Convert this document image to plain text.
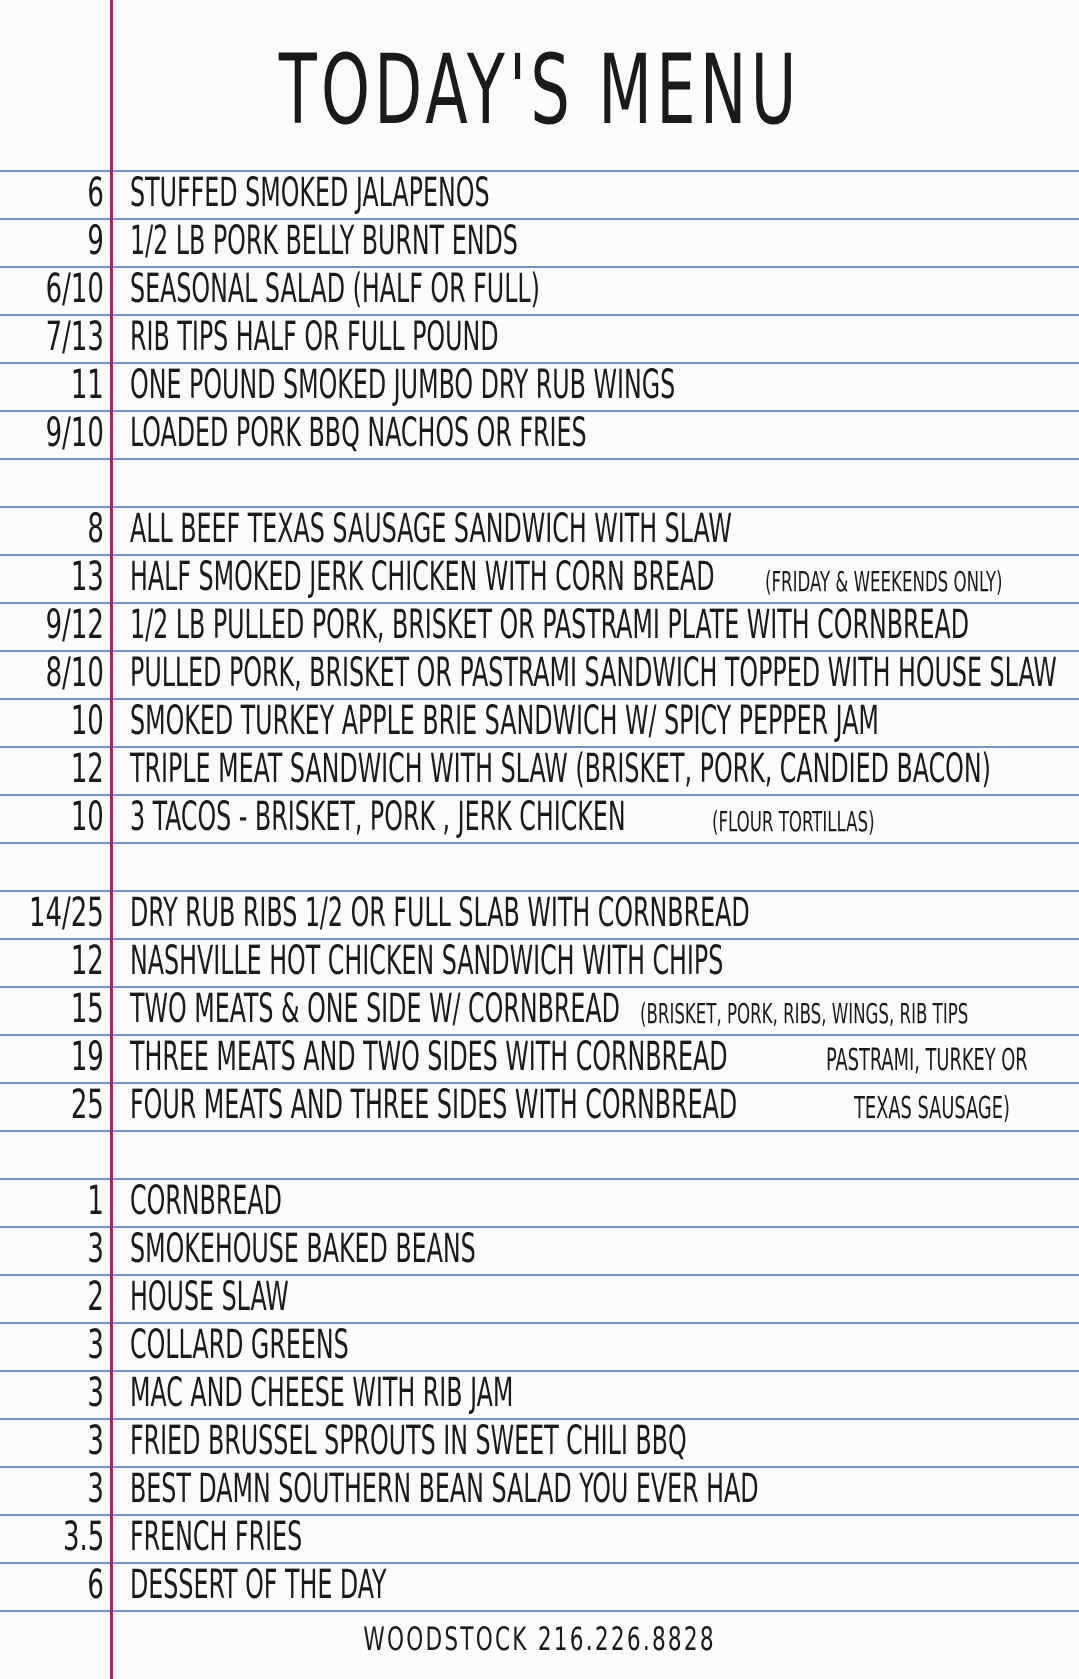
TODAY'S MENU
6 STUFFED SMOKED JALAPENOS
9 1/2 LB PORK BELLY BURNT ENDS
6/10 SEASONAL SALAD (HALF OR FULL)
7/13 RIB TIPS HALF OR FULL POUND
11 ONE POUND SMOKED JUMBO DRY RUB WINGS
9/10 LOADED PORK BBQ NACHOS OR FRIES
8 ALL BEEF TEXAS SAUSAGE SANDWICH WITH SLAW
13 HALF SMOKED JERK CHICKEN WITH CORN BREAD (FRIDAY & WEEKENDS ONLY)
9/12 1/2 LB PULLED PORK, BRISKET OR PASTRAMI PLATE WITH CORNBREAD
8/10 PULLED PORK, BRISKET OR PASTRAMI SANDWICH TOPPED WITH HOUSE SLAW
10 SMOKED TURKEY APPLE BRIE SANDWICH W/ SPICY PEPPER JAM
12 TRIPLE MEAT SANDWICH WITH SLAW (BRISKET, PORK, CANDIED BACON)
10 3 TACOS - BRISKET, PORK , JERK CHICKEN	(FLOUR TORTILLAS)
14/25 DRY RUB RIBS 1/2 OR FULL SLAB WITH CORNBREAD
12 NASHVILLE HOT CHICKEN SANDWICH WITH CHIPS
15 TWO MEATS & ONE SIDE W/ CORNBREAD (BRISKET, PORK, RIBS, WINGS, RIB TIPS
19 THREE MEATS AND TWO SIDES WITH CORNBREAD	PASTRAMI, TURKEY OR
25 FOUR MEATS AND THREE SIDES WITH CORNBREAD	TEXAS SAUSAGE)
1 CORNBREAD
3 SMOKEHOUSE BAKED BEANS
2 HOUSE SLAW
3 COLLARD GREENS
3 MAC AND CHEESE WITH RIB JAM
3 FRIED BRUSSEL SPROUTS IN SWEET CHILI BBQ
3 BEST DAMN SOUTHERN BEAN SALAD YOU EVER HAD
3.5 FRENCH FRIES
6 DESSERT OF THE DAY
WOODSTOCK 216.226.8828
